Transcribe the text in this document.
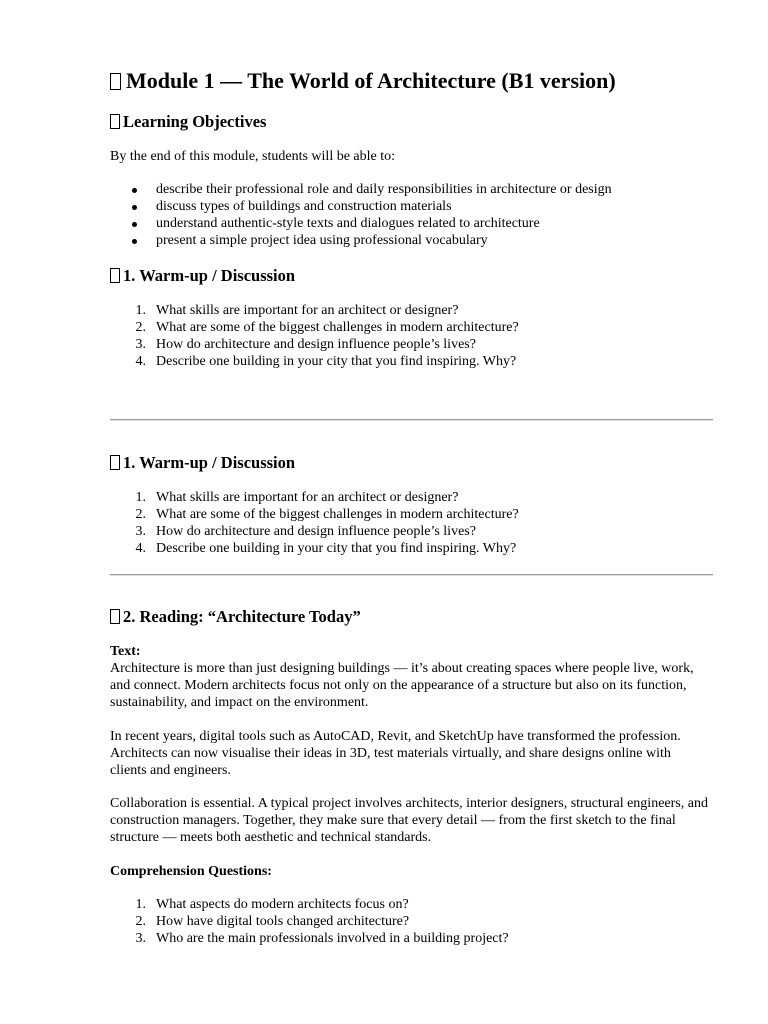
Module 1 — The World of Architecture (B1 version)
Learning Objectives

By the end of this module, students will be able to:

describe their professional role and daily responsibilities in architecture or design
discuss types of buildings and construction materials
understand authentic-style texts and dialogues related to architecture
present a simple project idea using professional vocabulary
1. Warm-up / Discussion
1. What skills are important for an architect or designer?
2. What are some of the biggest challenges in modern architecture?
3. How do architecture and design influence people’s lives?
4. Describe one building in your city that you find inspiring. Why?
1. Warm-up / Discussion
1. What skills are important for an architect or designer?
2. What are some of the biggest challenges in modern architecture?
3. How do architecture and design influence people’s lives?
4. Describe one building in your city that you find inspiring. Why?
2. Reading: “Architecture Today”

Text:

Architecture is more than just designing buildings — it’s about creating spaces where people live, work, and connect. Modern architects focus not only on the appearance of a structure but also on its function, sustainability, and impact on the environment.

In recent years, digital tools such as AutoCAD, Revit, and SketchUp have transformed the profession. Architects can now visualise their ideas in 3D, test materials virtually, and share designs online with clients and engineers.

Collaboration is essential. A typical project involves architects, interior designers, structural engineers, and construction managers. Together, they make sure that every detail — from the first sketch to the final structure — meets both aesthetic and technical standards.

Comprehension Questions:

1. What aspects do modern architects focus on?
2. How have digital tools changed architecture?
3. Who are the main professionals involved in a building project?
